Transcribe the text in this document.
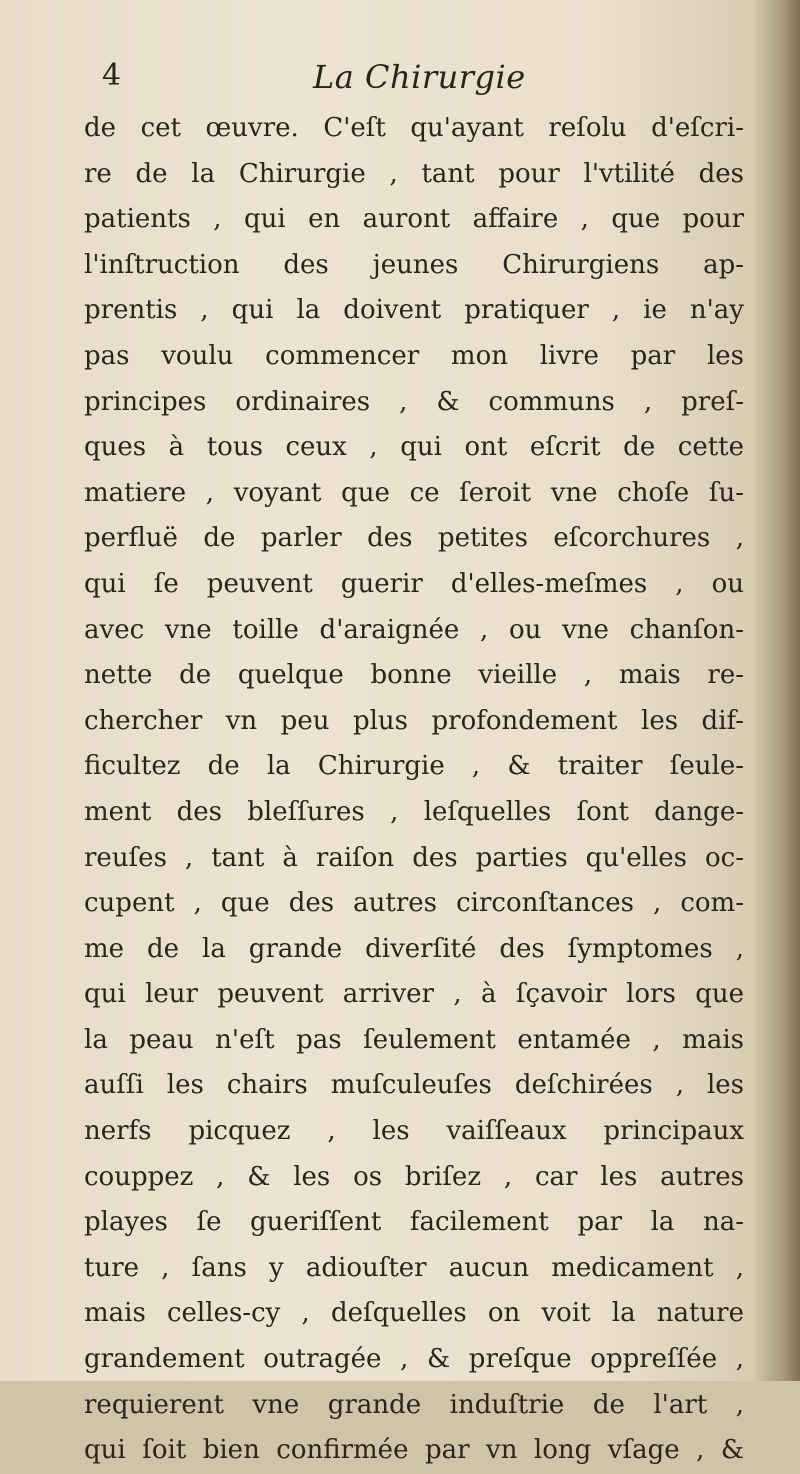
4	La Chirurgie
de cet œuvre. C'eſt qu'ayant reſolu d'eſcri-
re de la Chirurgie , tant pour l'vtilité des
patients , qui en auront affaire , que pour
l'inſtruction des jeunes Chirurgiens ap-
prentis , qui la doivent pratiquer , ie n'ay
pas voulu commencer mon livre par les
principes ordinaires , & communs , preſ-
ques à tous ceux , qui ont eſcrit de cette
matiere , voyant que ce ſeroit vne choſe ſu-
perfluë de parler des petites eſcorchures ,
qui ſe peuvent guerir d'elles-meſmes , ou
avec vne toille d'araignée , ou vne chanſon-
nette de quelque bonne vieille , mais re-
chercher vn peu plus profondement les dif-
ficultez de la Chirurgie , & traiter ſeule-
ment des bleſſures , leſquelles ſont dange-
reuſes , tant à raiſon des parties qu'elles oc-
cupent , que des autres circonſtances , com-
me de la grande diverſité des ſymptomes ,
qui leur peuvent arriver , à ſçavoir lors que
la peau n'eſt pas ſeulement entamée , mais
auſſi les chairs muſculeuſes deſchirées , les
nerfs picquez , les vaiſſeaux principaux
couppez , & les os briſez , car les autres
playes ſe gueriſſent facilement par la na-
ture , ſans y adiouſter aucun medicament ,
mais celles-cy , deſquelles on voit la nature
grandement outragée , & preſque oppreſſée ,
requierent vne grande induſtrie de l'art ,
qui ſoit bien confirmée par vn long vſage , &
